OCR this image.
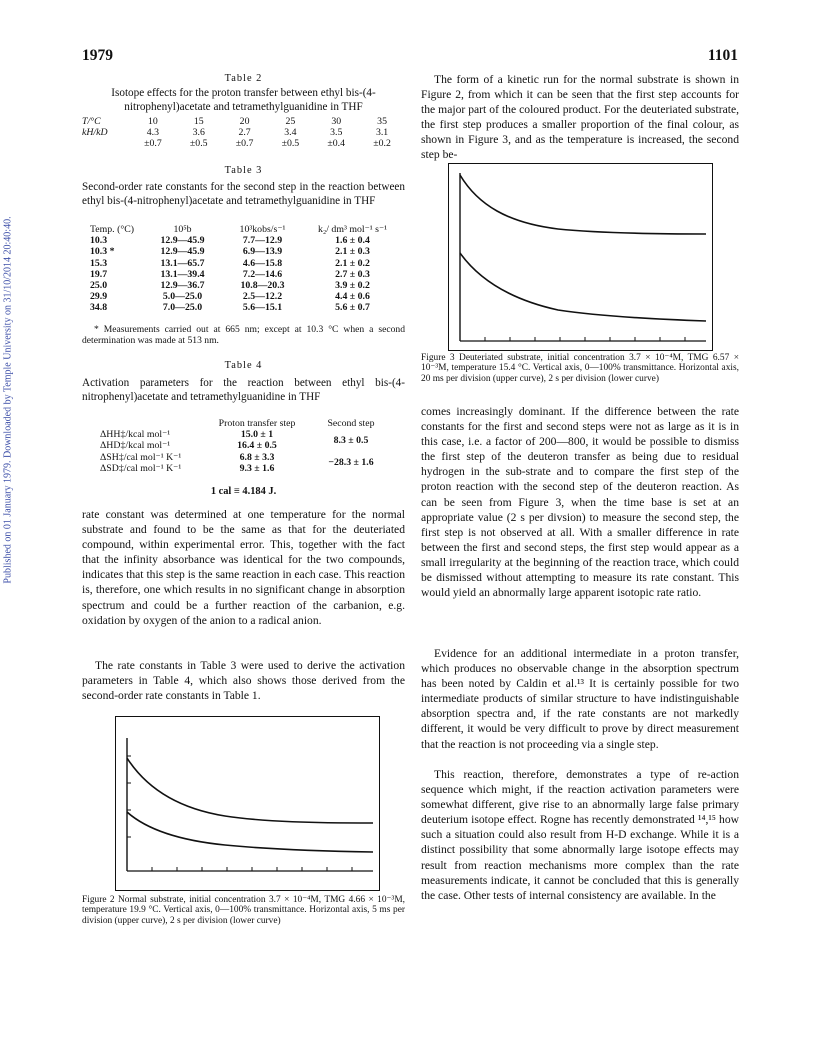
1979	1101
Published on 01 January 1979. Downloaded by Temple University on 31/10/2014 20:40:40.
Table 2
Isotope effects for the proton transfer between ethyl bis-(4-nitrophenyl)acetate and tetramethylguanidine in THF
T/°C	10	15	20	25	30	35
kH/kD	4.3	3.6	2.7	3.4	3.5	3.1
	±0.7	±0.5	±0.7	±0.5	±0.4	±0.2
Table 3
Second-order rate constants for the second step in the reaction between ethyl bis-(4-nitrophenyl)acetate and tetramethylguanidine in THF
Temp. (°C)	10⁵b	10³kobs/s⁻¹	k₂/ dm³ mol⁻¹ s⁻¹
10.3	12.9—45.9	7.7—12.9	1.6 ± 0.4
10.3 *	12.9—45.9	6.9—13.9	2.1 ± 0.3
15.3	13.1—65.7	4.6—15.8	2.1 ± 0.2
19.7	13.1—39.4	7.2—14.6	2.7 ± 0.3
25.0	12.9—36.7	10.8—20.3	3.9 ± 0.2
29.9	5.0—25.0	2.5—12.2	4.4 ± 0.6
34.8	7.0—25.0	5.6—15.1	5.6 ± 0.7
* Measurements carried out at 665 nm; except at 10.3 °C when a second determination was made at 513 nm.
Table 4
Activation parameters for the reaction between ethyl bis-(4-nitrophenyl)acetate and tetramethylguanidine in THF
	Proton transfer step	Second step
ΔHH‡/kcal mol⁻¹	15.0 ± 1	8.3 ± 0.5
ΔHD‡/kcal mol⁻¹	16.4 ± 0.5	
ΔSH‡/cal mol⁻¹ K⁻¹	6.8 ± 3.3	−28.3 ± 1.6
ΔSD‡/cal mol⁻¹ K⁻¹	9.3 ± 1.6	
1 cal ≡ 4.184 J.

rate constant was determined at one temperature for the normal substrate and found to be the same as that for the deuteriated compound, within experimental error. This, together with the fact that the infinity absorbance was identical for the two compounds, indicates that this step is the same reaction in each case. This reaction is, therefore, one which results in no significant change in absorption spectrum and could be a further reaction of the carbanion, e.g. oxidation by oxygen of the anion to a radical anion.

The rate constants in Table 3 were used to derive the activation parameters in Table 4, which also shows those derived from the second-order rate constants in Table 1.

Figure 2 Normal substrate, initial concentration 3.7 × 10⁻⁴M, TMG 4.66 × 10⁻³M, temperature 19.9 °C. Vertical axis, 0—100% transmittance. Horizontal axis, 5 ms per division (upper curve), 2 s per division (lower curve)

The form of a kinetic run for the normal substrate is shown in Figure 2, from which it can be seen that the first step accounts for the major part of the coloured product. For the deuteriated substrate, the first step produces a smaller proportion of the final colour, as shown in Figure 3, and as the temperature is increased, the second step be-

Figure 3 Deuteriated substrate, initial concentration 3.7 × 10⁻⁴M, TMG 6.57 × 10⁻³M, temperature 15.4 °C. Vertical axis, 0—100% transmittance. Horizontal axis, 20 ms per division (upper curve), 2 s per division (lower curve)

comes increasingly dominant. If the difference between the rate constants for the first and second steps were not as large as it is in this case, i.e. a factor of 200—800, it would be possible to dismiss the first step of the deuteron transfer as being due to residual hydrogen in the sub-strate and to compare the first step of the proton reaction with the second step of the deuteron reaction. As can be seen from Figure 3, when the time base is set at an appropriate value (2 s per divsion) to measure the second step, the first step is not observed at all. With a smaller difference in rate between the first and second steps, the first step would appear as a small irregularity at the beginning of the reaction trace, which could be dismissed without attempting to measure its rate constant. This would yield an abnormally large apparent isotopic rate ratio.

Evidence for an additional intermediate in a proton transfer, which produces no observable change in the absorption spectrum has been noted by Caldin et al.¹³ It is certainly possible for two intermediate products of similar structure to have indistinguishable absorption spectra and, if the rate constants are not markedly different, it would be very difficult to prove by direct measurement that the reaction is not proceeding via a single step.

This reaction, therefore, demonstrates a type of re-action sequence which might, if the reaction activation parameters were somewhat different, give rise to an abnormally large false primary deuterium isotope effect. Rogne has recently demonstrated ¹⁴,¹⁵ how such a situation could also result from H-D exchange. While it is a distinct possibility that some abnormally large isotope effects may result from reaction mechanisms more complex than the rate measurements indicate, it cannot be concluded that this is generally the case. Other tests of internal consistency are available. In the
